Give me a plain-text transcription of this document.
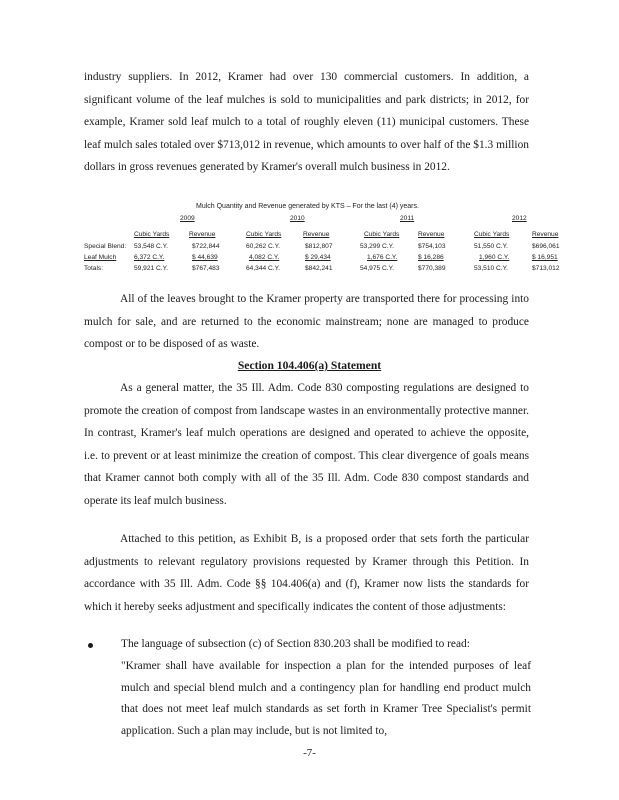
industry suppliers. In 2012, Kramer had over 130 commercial customers. In addition, a significant volume of the leaf mulches is sold to municipalities and park districts; in 2012, for example, Kramer sold leaf mulch to a total of roughly eleven (11) municipal customers. These leaf mulch sales totaled over $713,012 in revenue, which amounts to over half of the $1.3 million dollars in gross revenues generated by Kramer's overall mulch business in 2012.

Mulch Quantity and Revenue generated by KTS – For the last (4) years.
2009	2010	2011	2012
Cubic Yards	Revenue	Cubic Yards	Revenue	Cubic Yards	Revenue	Cubic Yards	Revenue
Special Blend: 53,548 C.Y.	$722,844	60,262 C.Y.	$812,807	53,299 C.Y.	$754,103	51,550 C.Y.	$696,061
Leaf Mulch	6,372 C.Y.	$ 44,639	4,082 C.Y.	$ 29,434	1,676 C.Y.	$ 16,286	1,960 C.Y.	$ 16,951
Totals:	59,921 C.Y.	$767,483	64,344 C.Y.	$842,241	54,975 C.Y.	$770,389	53,510 C.Y.	$713,012

All of the leaves brought to the Kramer property are transported there for processing into mulch for sale, and are returned to the economic mainstream; none are managed to produce compost or to be disposed of as waste.

Section 104.406(a) Statement

As a general matter, the 35 Ill. Adm. Code 830 composting regulations are designed to promote the creation of compost from landscape wastes in an environmentally protective manner. In contrast, Kramer's leaf mulch operations are designed and operated to achieve the opposite, i.e. to prevent or at least minimize the creation of compost. This clear divergence of goals means that Kramer cannot both comply with all of the 35 Ill. Adm. Code 830 compost standards and operate its leaf mulch business.

Attached to this petition, as Exhibit B, is a proposed order that sets forth the particular adjustments to relevant regulatory provisions requested by Kramer through this Petition. In accordance with 35 Ill. Adm. Code §§ 104.406(a) and (f), Kramer now lists the standards for which it hereby seeks adjustment and specifically indicates the content of those adjustments:

The language of subsection (c) of Section 830.203 shall be modified to read:

"Kramer shall have available for inspection a plan for the intended purposes of leaf mulch and special blend mulch and a contingency plan for handling end product mulch that does not meet leaf mulch standards as set forth in Kramer Tree Specialist's permit application. Such a plan may include, but is not limited to,

-7-
